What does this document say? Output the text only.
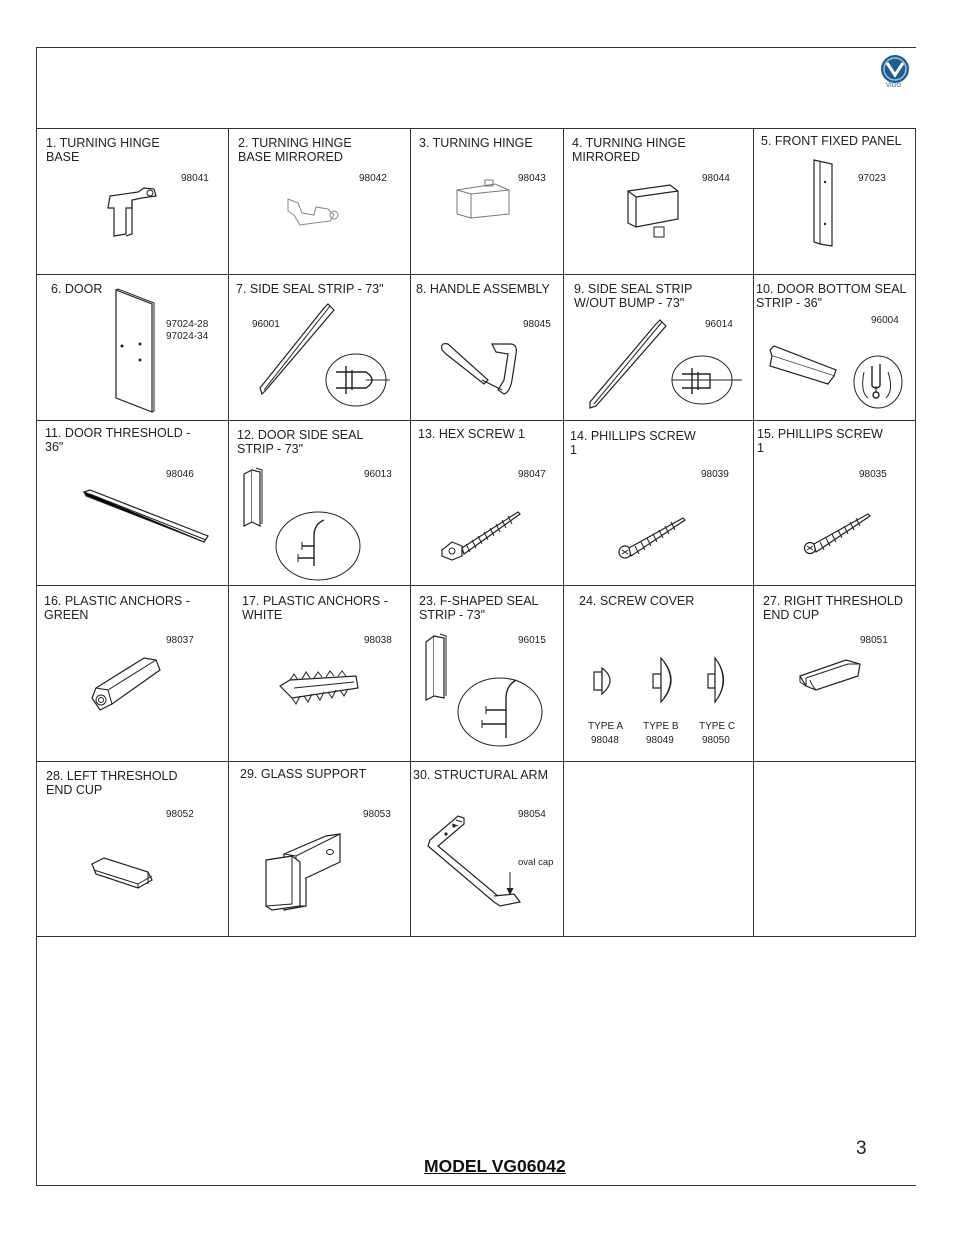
VIGO
1. TURNING HINGE
BASE
98041
2. TURNING HINGE
BASE MIRRORED
98042
3. TURNING HINGE
98043
4. TURNING HINGE
MIRRORED
98044
5. FRONT FIXED PANEL
97023
6. DOOR
97024-28
97024-34
7. SIDE SEAL STRIP - 73"
96001
8. HANDLE ASSEMBLY
98045
9. SIDE SEAL STRIP
W/OUT BUMP - 73"
96014
10. DOOR BOTTOM SEAL
STRIP - 36"
96004
11. DOOR THRESHOLD -
36"
98046
12. DOOR SIDE SEAL
STRIP - 73"
96013
13. HEX SCREW 1
98047
14. PHILLIPS SCREW
1
98039
15. PHILLIPS SCREW
1
98035
16. PLASTIC ANCHORS -
GREEN
98037
17. PLASTIC ANCHORS -
WHITE
98038
23. F-SHAPED SEAL
STRIP - 73"
96015
24. SCREW COVER
TYPE A
98048
TYPE B
98049
TYPE C
98050
27. RIGHT THRESHOLD
END CUP
98051
28. LEFT THRESHOLD
END CUP
98052
29. GLASS SUPPORT
98053
30. STRUCTURAL ARM
98054
oval cap
3
MODEL VG06042
